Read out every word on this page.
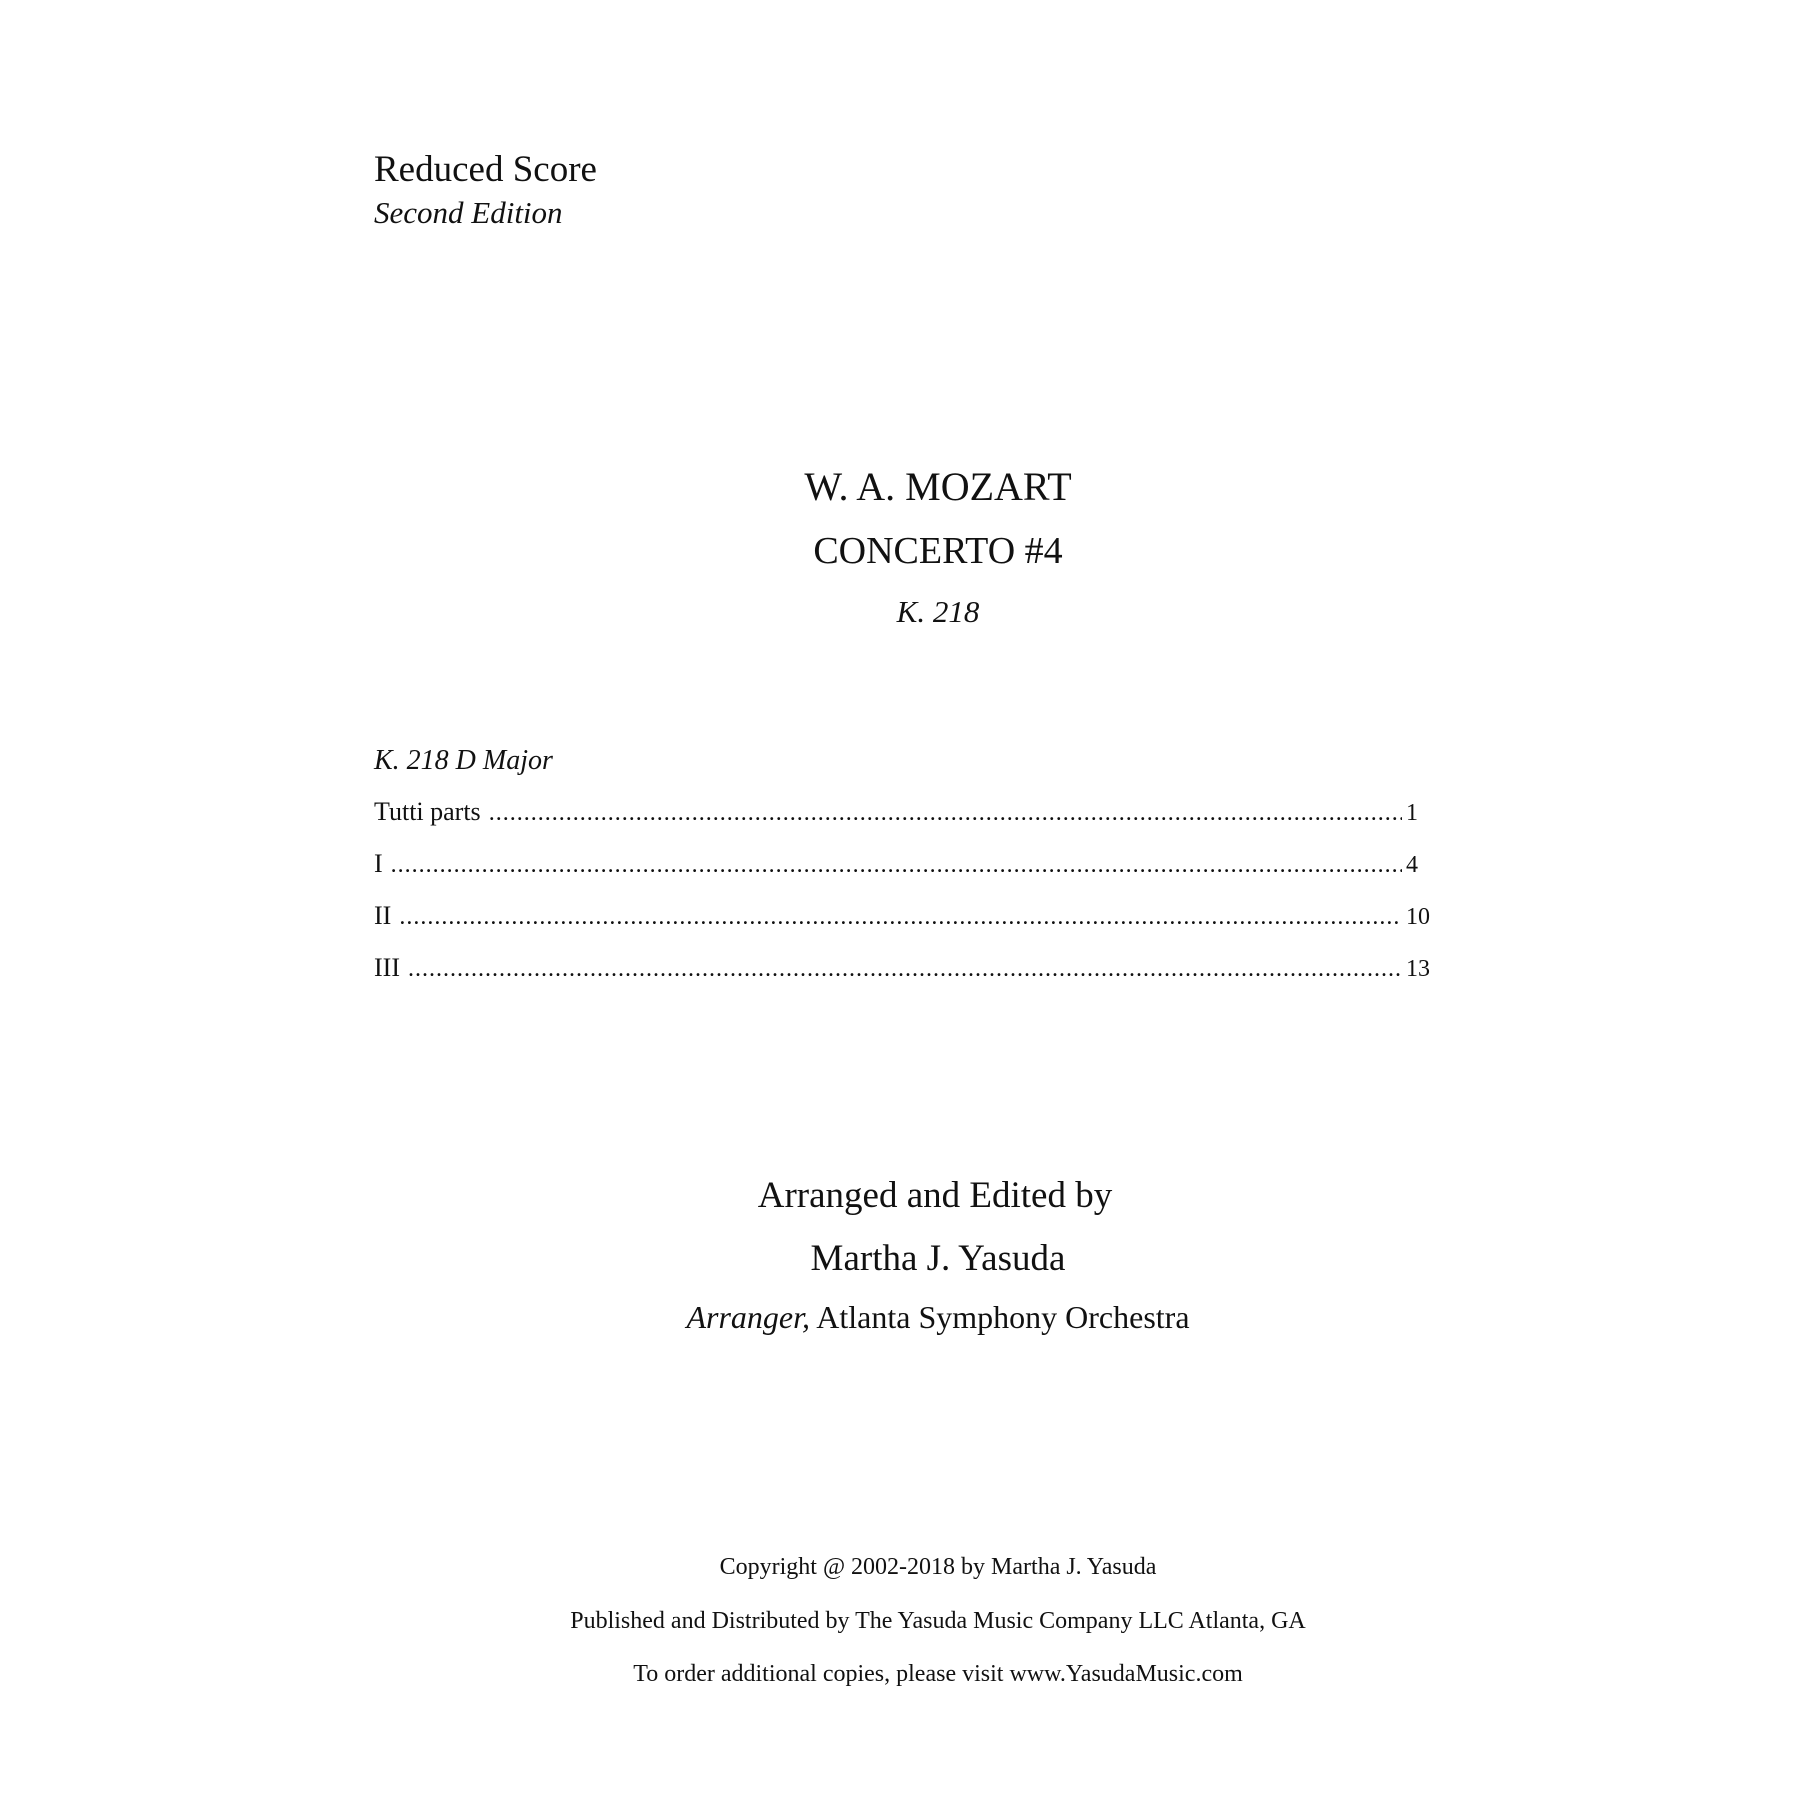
Reduced Score
Second Edition
W. A. MOZART
CONCERTO #4
K. 218
K. 218 D Major
Tutti parts .....	1
I .....	4
II .....	10
III .....	13
Arranged and Edited by
Martha J. Yasuda
Arranger, Atlanta Symphony Orchestra
Copyright @ 2002-2018 by Martha J. Yasuda
Published and Distributed by The Yasuda Music Company LLC Atlanta, GA
To order additional copies, please visit www.YasudaMusic.com
